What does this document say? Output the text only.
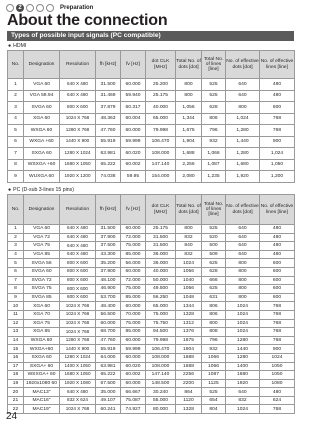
2	Preparation
About the connection
Types of possible input signals (PC compatible)
● HDMI
No.	Designation	Resolution	fh [kHz]	fv [Hz]	dot CLK [MHz]	Total No. of dots [dot]	Total No. of lines [line]	No. of effective dots [dot]	No. of effective lines [line]
1	VGA 60	640 X 480	31.500	60.000	25.200	800	525	640	480
2	VGA 59.94	640 X 480	31.469	59.940	25.175	800	525	640	480
3	SVGA 60	800 X 600	37.879	60.317	40.000	1,056	628	800	600
4	XGA 60	1024 X 768	48.363	60.004	65.000	1,344	806	1,024	768
5	WXGA 60	1280 X 768	47.760	60.000	79.998	1,675	796	1,280	768
6	WXGA +60	1440 X 900	55.919	59.999	106.470	1,904	932	1,440	900
7	SXGA 60	1280 X 1024	63.981	60.020	108.000	1,688	1,066	1,280	1,024
8	WSXGA +60	1680 X 1050	65.222	60.002	147.140	2,256	1,087	1,680	1,050
9	WUXGA 60	1920 X 1200	74.038	59.95	154.000	2,080	1,235	1,920	1,200
● PC (D-sub 3-lines 15 pins)
No.	Designation	Resolution	fh [kHz]	fv [Hz]	dot CLK [MHz]	Total No. of dots [dot]	Total No. of lines [line]	No. of effective dots [dot]	No. of effective lines [line]
1	VGA 60	640 X 480	31.500	60.000	25.175	800	525	640	480
2	VGA 72	640 X 480	37.900	72.000	31.500	832	520	640	480
3	VGA 75	640 X 480	37.500	75.000	31.500	840	500	640	480
4	VGA 85	640 X 480	43.300	85.000	36.000	832	509	640	480
5	SVGA 56	800 X 600	35.200	56.000	36.000	1024	625	800	600
6	SVGA 60	800 X 600	37.900	60.000	40.000	1056	628	800	600
7	SVGA 72	800 X 600	48.100	72.000	50.000	1040	666	800	600
8	SVGA 75	800 X 600	46.900	75.000	49.500	1056	625	800	600
9	SVGA 85	800 X 600	53.700	85.000	56.250	1048	631	800	600
10	XGA 60	1024 X 768	48.400	60.000	65.000	1344	806	1024	768
11	XGA 70	1024 X 768	56.500	70.000	75.000	1328	806	1024	768
12	XGA 75	1024 X 768	60.000	75.000	75.750	1312	800	1024	768
13	XGA 85	1024 X 768	68.700	85.000	94.500	1376	808	1024	768
14	WXGA 60	1280 X 768	47.760	60.000	79.998	1675	796	1280	768
15	WXGA+60	1440 X 900	55.919	59.999	106.470	1904	932	1440	900
16	SXGA 60	1280 X 1024	64.000	60.000	108.000	1688	1066	1280	1024
17	SXGA+ 60	1400 X 1050	63.981	60.020	108.000	1688	1066	1400	1050
18	WSXGA+ 60	1680 X 1050	65.222	60.002	147.140	2256	1087	1680	1050
19	1920x1080 60	1920 X 1080	67.500	60.000	148.500	2200	1125	1920	1080
20	MAC13"	640 X 480	35.000	66.667	30.240	864	525	640	480
21	MAC16"	832 X 624	49.107	75.087	55.000	1120	654	832	624
22	MAC19"	1024 X 768	60.241	74.927	80.000	1328	804	1024	768
24
